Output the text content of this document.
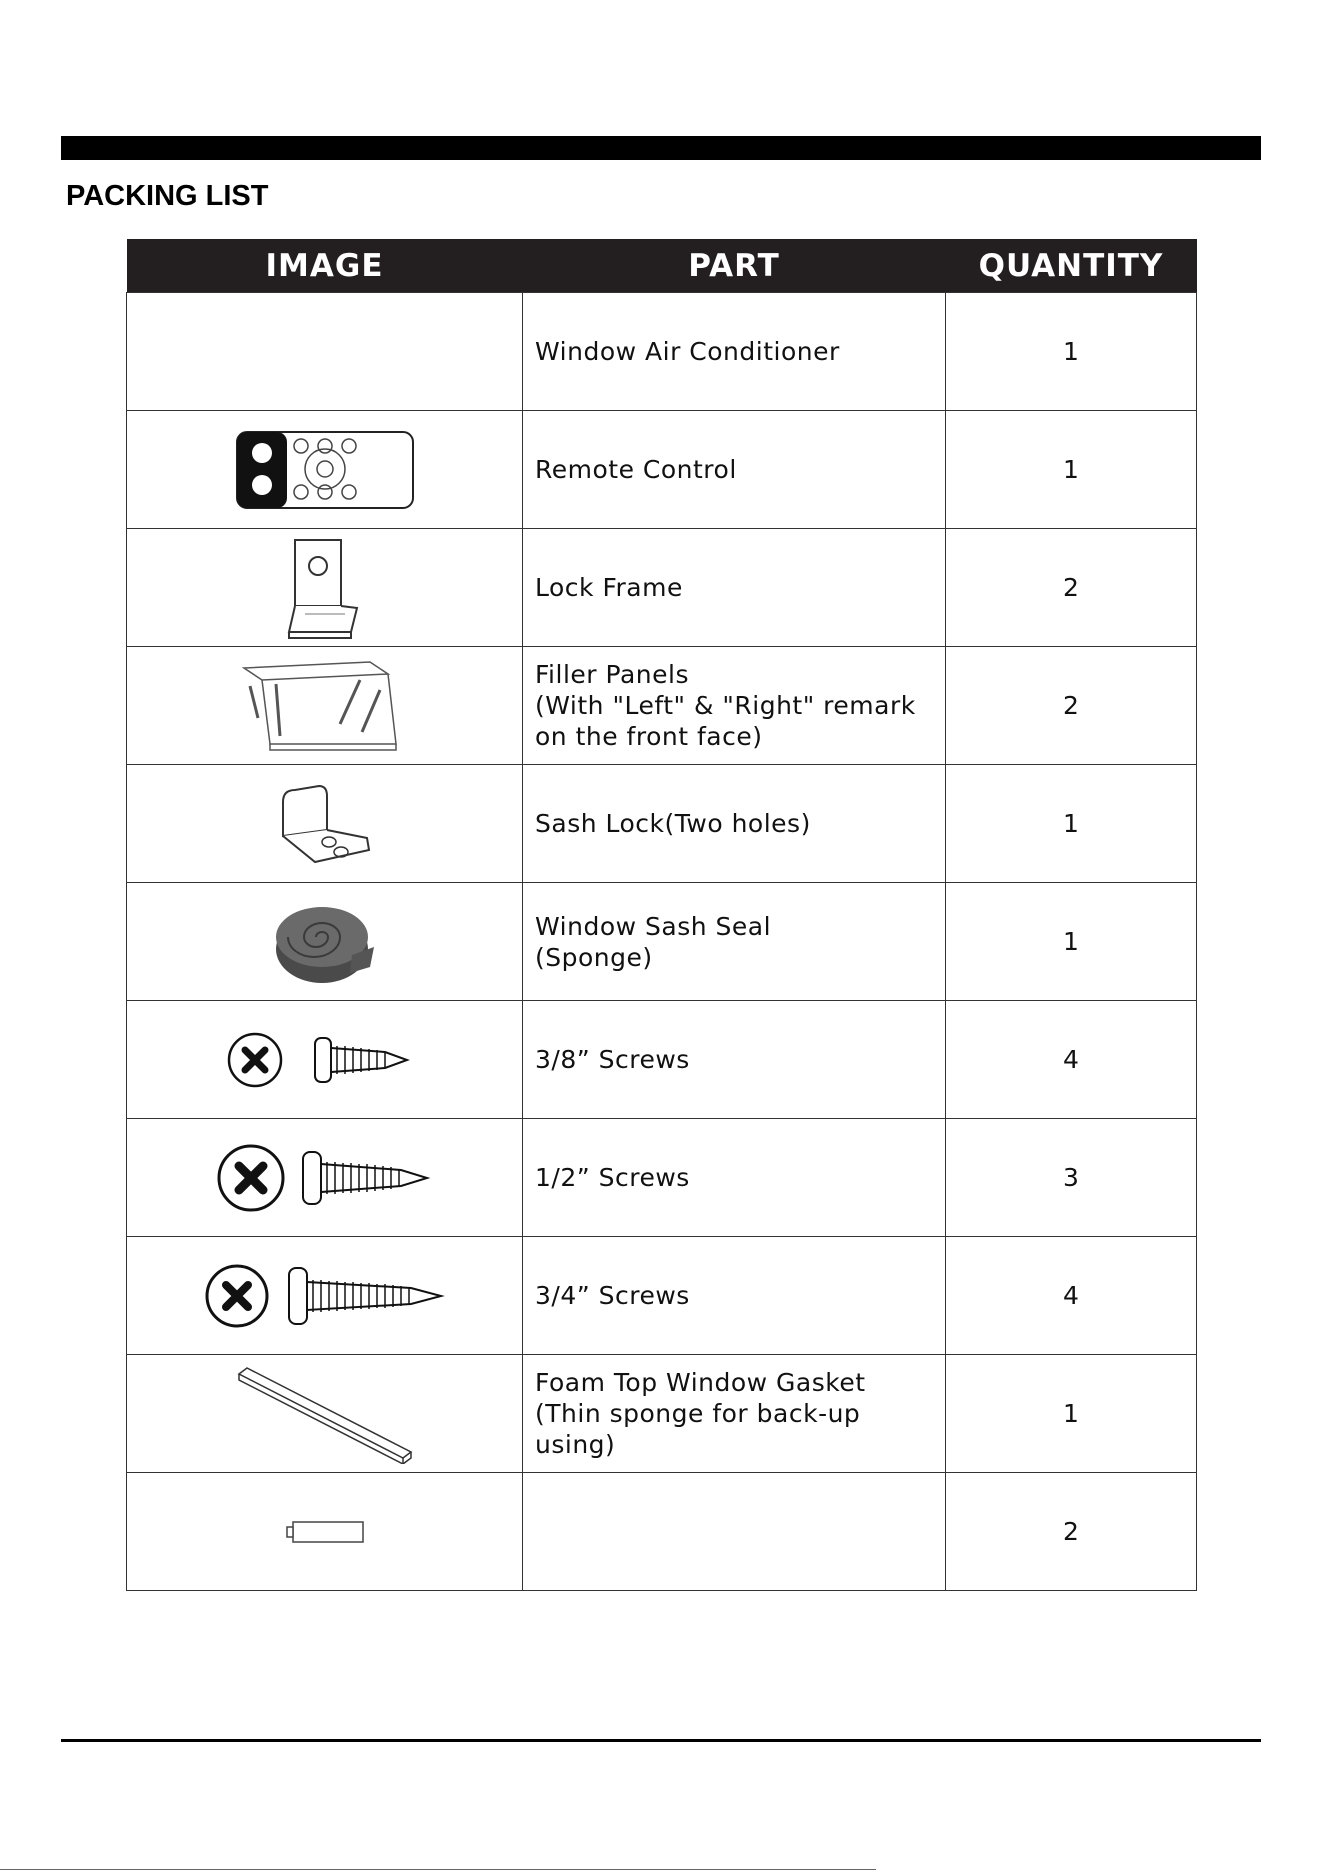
PACKING LIST
IMAGE	PART	QUANTITY

	Window Air Conditioner	1

Remote Control	1

Lock Frame	2

Filler Panels
(With "Left" & "Right" remark
on the front face)	2

Sash Lock(Two holes)	1

Window Sash Seal
(Sponge)	1

3/8” Screws	4

1/2” Screws	3

3/4” Screws	4

Foam Top Window Gasket
(Thin sponge for back-up using)	1

		2
